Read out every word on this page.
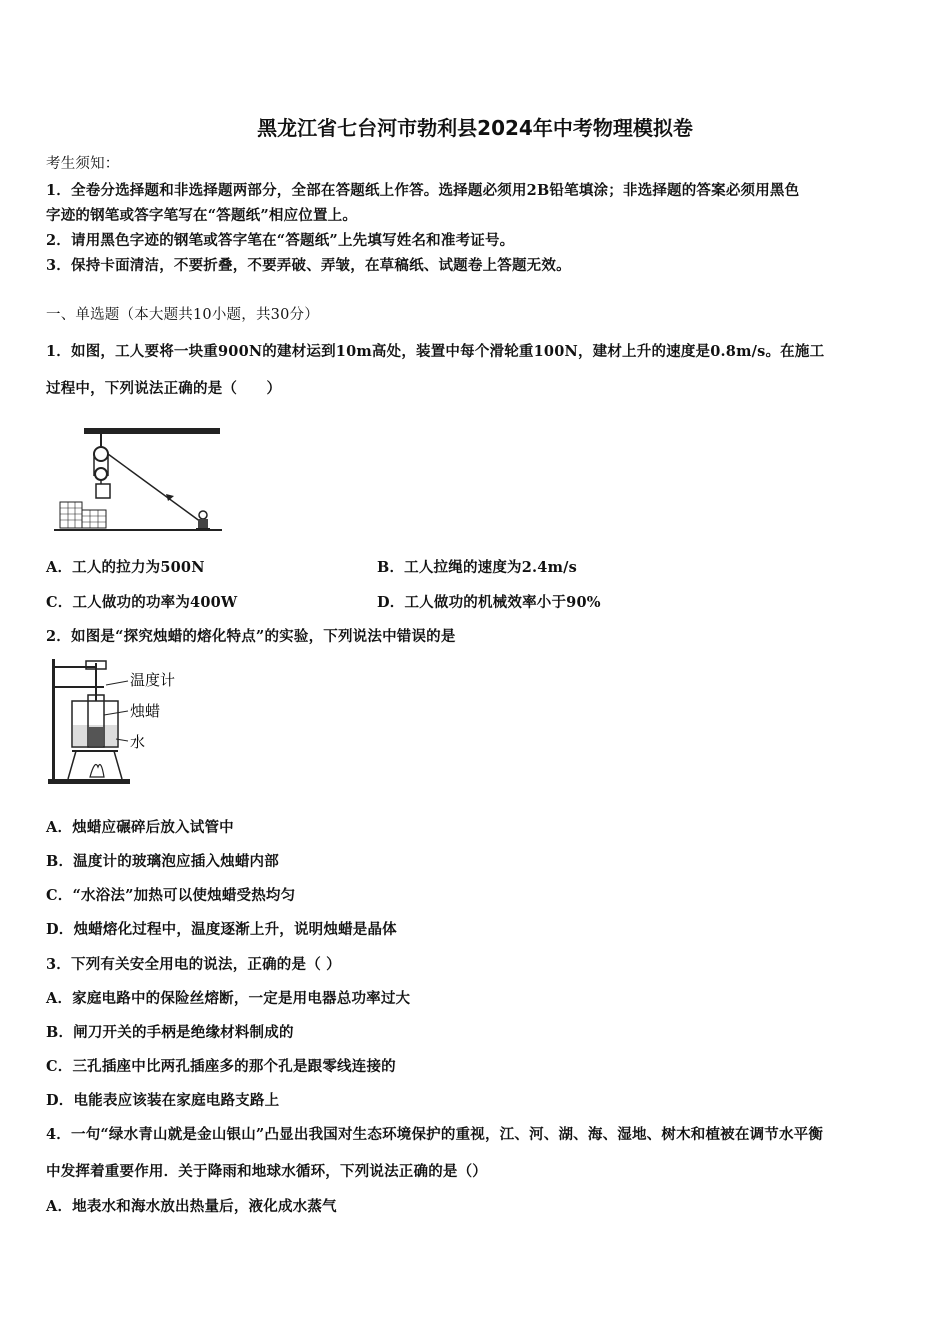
黑龙江省七台河市勃利县2024年中考物理模拟卷
考生须知：
1．全卷分选择题和非选择题两部分，全部在答题纸上作答。选择题必须用2B铅笔填涂；非选择题的答案必须用黑色
字迹的钢笔或答字笔写在“答题纸”相应位置上。
2．请用黑色字迹的钢笔或答字笔在“答题纸”上先填写姓名和准考证号。
3．保持卡面清洁，不要折叠，不要弄破、弄皱，在草稿纸、试题卷上答题无效。
一、单选题（本大题共10小题，共30分）
1．如图，工人要将一块重900N的建材运到10m高处，装置中每个滑轮重100N，建材上升的速度是0.8m/s。在施工
过程中，下列说法正确的是（　　）
A．工人的拉力为500N	B．工人拉绳的速度为2.4m/s
C．工人做功的功率为400W	D．工人做功的机械效率小于90%
2．如图是“探究烛蜡的熔化特点”的实验，下列说法中错误的是
温度计
烛蜡
水
A．烛蜡应碾碎后放入试管中
B．温度计的玻璃泡应插入烛蜡内部
C．“水浴法”加热可以使烛蜡受热均匀
D．烛蜡熔化过程中，温度逐渐上升，说明烛蜡是晶体
3．下列有关安全用电的说法，正确的是（ ）
A．家庭电路中的保险丝熔断，一定是用电器总功率过大
B．闸刀开关的手柄是绝缘材料制成的
C．三孔插座中比两孔插座多的那个孔是跟零线连接的
D．电能表应该装在家庭电路支路上
4．一句“绿水青山就是金山银山”凸显出我国对生态环境保护的重视，江、河、湖、海、湿地、树木和植被在调节水平衡
中发挥着重要作用．关于降雨和地球水循环，下列说法正确的是（）
A．地表水和海水放出热量后，液化成水蒸气
